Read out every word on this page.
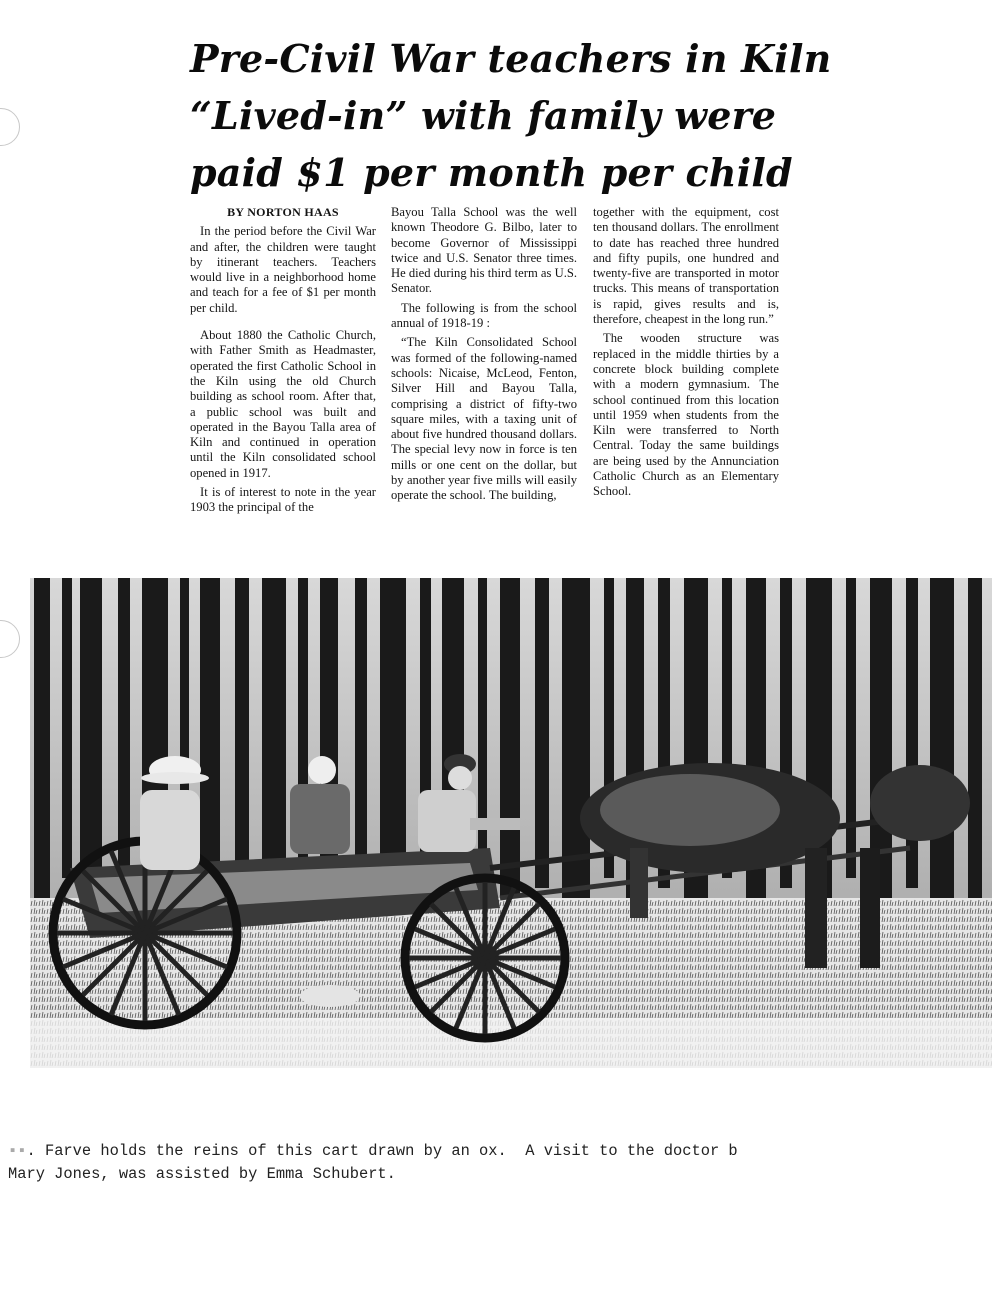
Pre-Civil War teachers in Kiln
“Lived-in” with family were
paid $1 per month per child

BY NORTON HAAS

In the period before the Civil War and after, the children were taught by itinerant teachers. Teachers would live in a neighborhood home and teach for a fee of $1 per month per child.

About 1880 the Catholic Church, with Father Smith as Headmaster, operated the first Catholic School in the Kiln using the old Church building as school room. After that, a public school was built and operated in the Bayou Talla area of Kiln and continued in operation until the Kiln consolidated school opened in 1917.

It is of interest to note in the year 1903 the principal of the

Bayou Talla School was the well known Theodore G. Bilbo, later to become Governor of Mississippi twice and U.S. Senator three times. He died during his third term as U.S. Senator.

The following is from the school annual of 1918-19 :

“The Kiln Consolidated School was formed of the following-named schools: Nicaise, McLeod, Fenton, Silver Hill and Bayou Talla, comprising a district of fifty-two square miles, with a taxing unit of about five hundred thousand dollars. The special levy now in force is ten mills or one cent on the dollar, but by another year five mills will easily operate the school. The building,

together with the equipment, cost ten thousand dollars. The enrollment to date has reached three hundred and fifty pupils, one hundred and twenty-five are transported in motor trucks. This means of transportation is rapid, gives results and is, therefore, cheapest in the long run.”

The wooden structure was replaced in the middle thirties by a concrete block building complete with a modern gymnasium. The school continued from this location until 1959 when students from the Kiln were transferred to North Central. Today the same buildings are being used by the Annunciation Catholic Church as an Elementary School.

▪▪. Farve holds the reins of this cart drawn by an ox.  A visit to the doctor b
Mary Jones, was assisted by Emma Schubert.
